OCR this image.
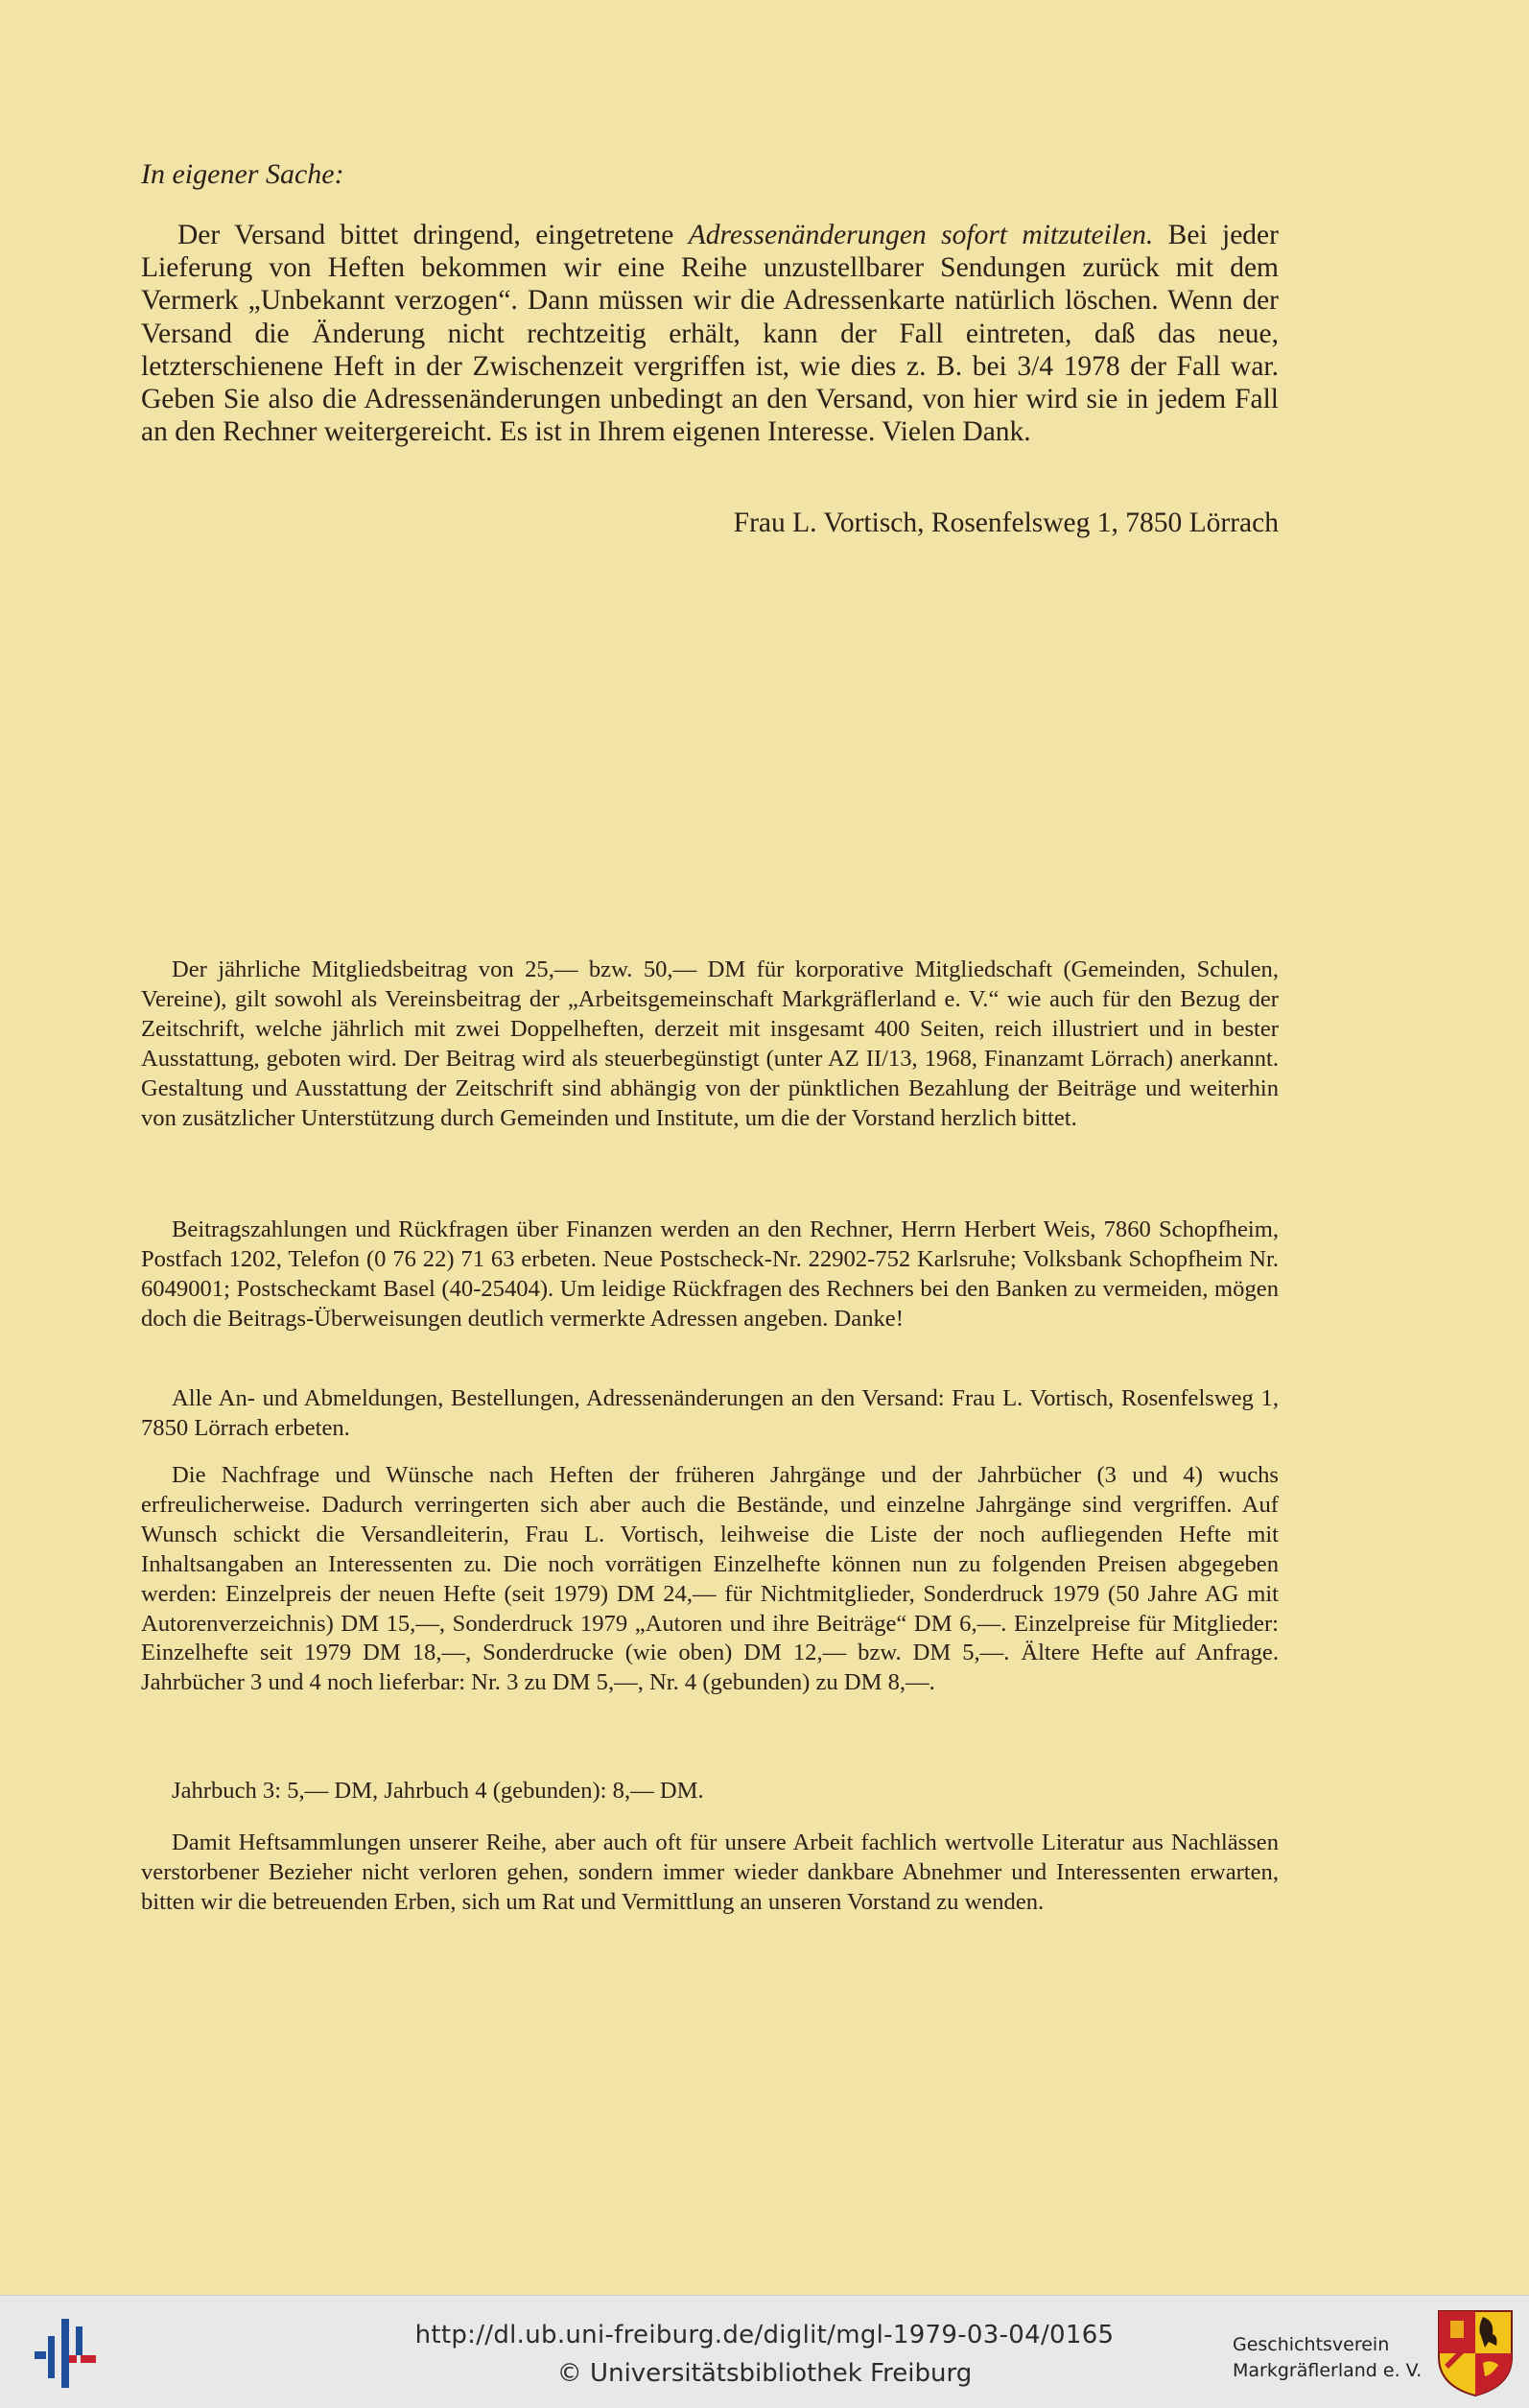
In eigener Sache:
Der Versand bittet dringend, eingetretene Adressenänderungen sofort mitzuteilen. Bei jeder Lieferung von Heften bekommen wir eine Reihe unzustellbarer Sendungen zurück mit dem Vermerk „Unbekannt verzogen“. Dann müssen wir die Adressenkarte natürlich löschen. Wenn der Versand die Änderung nicht rechtzeitig erhält, kann der Fall eintreten, daß das neue, letzterschienene Heft in der Zwischenzeit vergriffen ist, wie dies z. B. bei 3/4 1978 der Fall war. Geben Sie also die Adressenänderungen unbedingt an den Versand, von hier wird sie in jedem Fall an den Rechner weitergereicht. Es ist in Ihrem eigenen Interesse. Vielen Dank.
Frau L. Vortisch, Rosenfelsweg 1, 7850 Lörrach
Der jährliche Mitgliedsbeitrag von 25,— bzw. 50,— DM für korporative Mitgliedschaft (Gemeinden, Schulen, Vereine), gilt sowohl als Vereinsbeitrag der „Arbeitsgemeinschaft Markgräflerland e. V.“ wie auch für den Bezug der Zeitschrift, welche jährlich mit zwei Doppelheften, derzeit mit insgesamt 400 Seiten, reich illustriert und in bester Ausstattung, geboten wird. Der Beitrag wird als steuerbegünstigt (unter AZ II/13, 1968, Finanzamt Lörrach) anerkannt. Gestaltung und Ausstattung der Zeitschrift sind abhängig von der pünktlichen Bezahlung der Beiträge und weiterhin von zusätzlicher Unterstützung durch Gemeinden und Institute, um die der Vorstand herzlich bittet.
Beitragszahlungen und Rückfragen über Finanzen werden an den Rechner, Herrn Herbert Weis, 7860 Schopfheim, Postfach 1202, Telefon (0 76 22) 71 63 erbeten. Neue Postscheck-Nr. 22902-752 Karlsruhe; Volksbank Schopfheim Nr. 6049001; Postscheckamt Basel (40-25404). Um leidige Rückfragen des Rechners bei den Banken zu vermeiden, mögen doch die Beitrags-Überweisungen deutlich vermerkte Adressen angeben. Danke!
Alle An- und Abmeldungen, Bestellungen, Adressenänderungen an den Versand: Frau L. Vortisch, Rosenfelsweg 1, 7850 Lörrach erbeten.
Die Nachfrage und Wünsche nach Heften der früheren Jahrgänge und der Jahrbücher (3 und 4) wuchs erfreulicherweise. Dadurch verringerten sich aber auch die Bestände, und einzelne Jahrgänge sind vergriffen. Auf Wunsch schickt die Versandleiterin, Frau L. Vortisch, leihweise die Liste der noch aufliegenden Hefte mit Inhaltsangaben an Interessenten zu. Die noch vorrätigen Einzelhefte können nun zu folgenden Preisen abgegeben werden: Einzelpreis der neuen Hefte (seit 1979) DM 24,— für Nichtmitglieder, Sonderdruck 1979 (50 Jahre AG mit Autorenverzeichnis) DM 15,—, Sonderdruck 1979 „Autoren und ihre Beiträge“ DM 6,—. Einzelpreise für Mitglieder: Einzelhefte seit 1979 DM 18,—, Sonderdrucke (wie oben) DM 12,— bzw. DM 5,—. Ältere Hefte auf Anfrage. Jahrbücher 3 und 4 noch lieferbar: Nr. 3 zu DM 5,—, Nr. 4 (gebunden) zu DM 8,—.
Jahrbuch 3: 5,— DM, Jahrbuch 4 (gebunden): 8,— DM.
Damit Heftsammlungen unserer Reihe, aber auch oft für unsere Arbeit fachlich wertvolle Literatur aus Nachlässen verstorbener Bezieher nicht verloren gehen, sondern immer wieder dankbare Abnehmer und Interessenten erwarten, bitten wir die betreuenden Erben, sich um Rat und Vermittlung an unseren Vorstand zu wenden.
http://dl.ub.uni-freiburg.de/diglit/mgl-1979-03-04/0165
© Universitätsbibliothek Freiburg
Geschichtsverein
Markgräflerland e. V.
